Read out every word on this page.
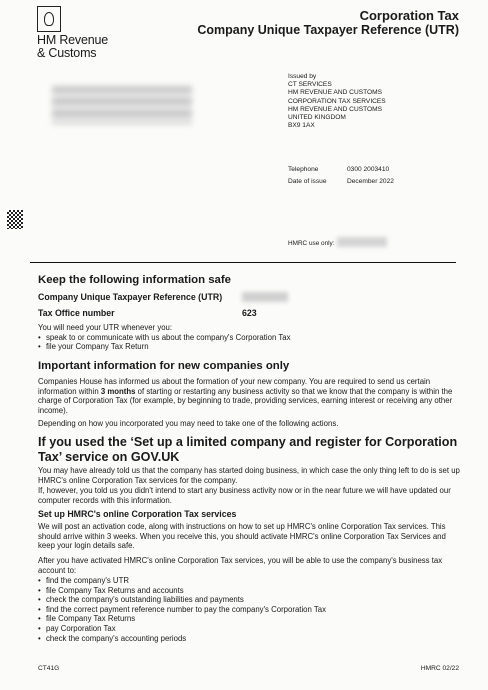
HM Revenue
& Customs
Corporation Tax
Company Unique Taxpayer Reference (UTR)
Issued by
CT SERVICES
HM REVENUE AND CUSTOMS
CORPORATION TAX SERVICES
HM REVENUE AND CUSTOMS
UNITED KINGDOM
BX9 1AX
Telephone	0300 2003410
Date of issue	December 2022
HMRC use only:
Keep the following information safe
Company Unique Taxpayer Reference (UTR)
Tax Office number	623
You will need your UTR whenever you:
• speak to or communicate with us about the company's Corporation Tax
• file your Company Tax Return
Important information for new companies only
Companies House has informed us about the formation of your new company. You are required to send us certain information within 3 months of starting or restarting any business activity so that we know that the company is within the charge of Corporation Tax (for example, by beginning to trade, providing services, earning interest or receiving any other income).
Depending on how you incorporated you may need to take one of the following actions.
If you used the ‘Set up a limited company and register for Corporation Tax’ service on GOV.UK
You may have already told us that the company has started doing business, in which case the only thing left to do is set up HMRC's online Corporation Tax services for the company.
If, however, you told us you didn't intend to start any business activity now or in the near future we will have updated our computer records with this information.
Set up HMRC's online Corporation Tax services
We will post an activation code, along with instructions on how to set up HMRC's online Corporation Tax services. This should arrive within 3 weeks. When you receive this, you should activate HMRC's online Corporation Tax Services and keep your login details safe.
After you have activated HMRC's online Corporation Tax services, you will be able to use the company's business tax account to:
• find the company's UTR
• file Company Tax Returns and accounts
• check the company's outstanding liabilities and payments
• find the correct payment reference number to pay the company's Corporation Tax
• file Company Tax Returns
• pay Corporation Tax
• check the company's accounting periods
CT41G	HMRC 02/22
